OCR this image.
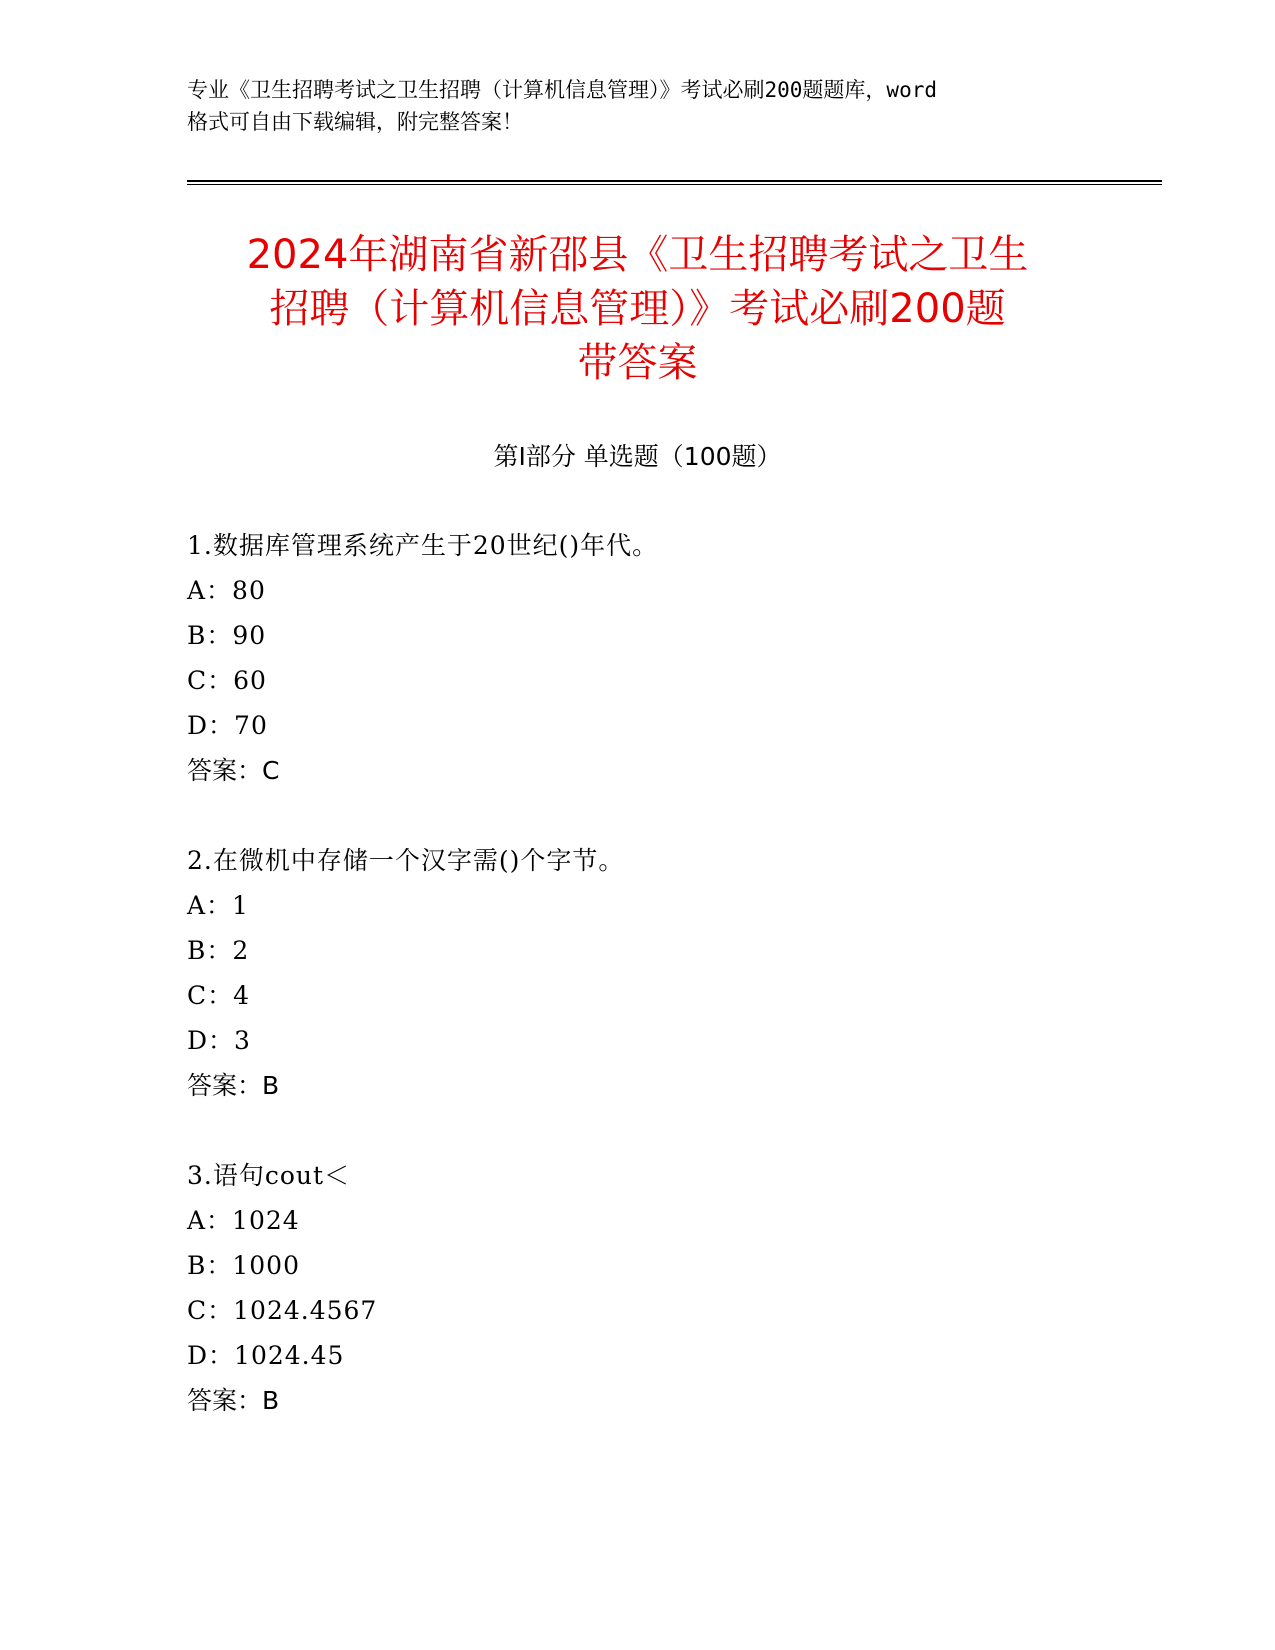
专业《卫生招聘考试之卫生招聘（计算机信息管理）》考试必刷200题题库，word
格式可自由下载编辑，附完整答案！
2024年湖南省新邵县《卫生招聘考试之卫生
招聘（计算机信息管理）》考试必刷200题
带答案
第Ⅰ部分 单选题（100题）
1.数据库管理系统产生于20世纪()年代。
A：80
B：90
C：60
D：70
答案：C
2.在微机中存储一个汉字需()个字节。
A：1
B：2
C：4
D：3
答案：B
3.语句cout＜
A：1024
B：1000
C：1024.4567
D：1024.45
答案：B
